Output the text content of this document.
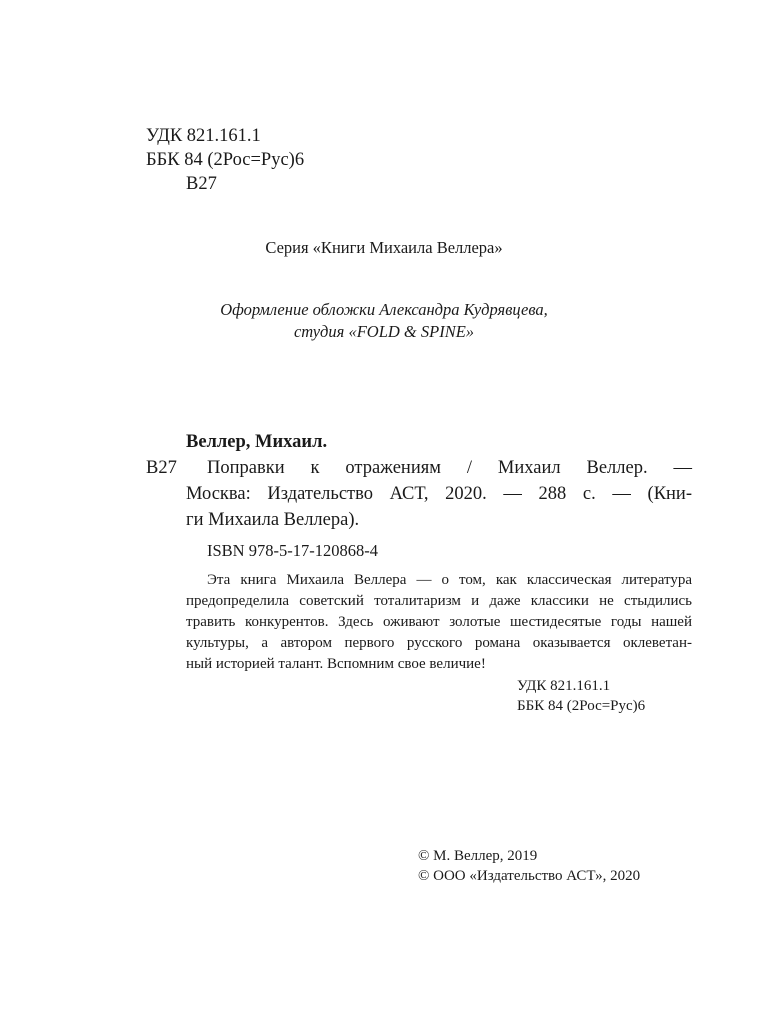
УДК 821.161.1
ББК 84 (2Рос=Рус)6
В27
Серия «Книги Михаила Веллера»
Оформление обложки Александра Кудрявцева,
студия «FOLD & SPINE»
Веллер, Михаил.
В27 Поправки к отражениям / Михаил Веллер. —
Москва: Издательство АСТ, 2020. — 288 с. — (Кни-
ги Михаила Веллера).
ISBN 978-5-17-120868-4
Эта книга Михаила Веллера — о том, как классическая литература
предопределила советский тоталитаризм и даже классики не стыдились
травить конкурентов. Здесь оживают золотые шестидесятые годы нашей
культуры, а автором первого русского романа оказывается оклеветан-
ный историей талант. Вспомним свое величие!
УДК 821.161.1
ББК 84 (2Рос=Рус)6
© М. Веллер, 2019
© ООО «Издательство АСТ», 2020
